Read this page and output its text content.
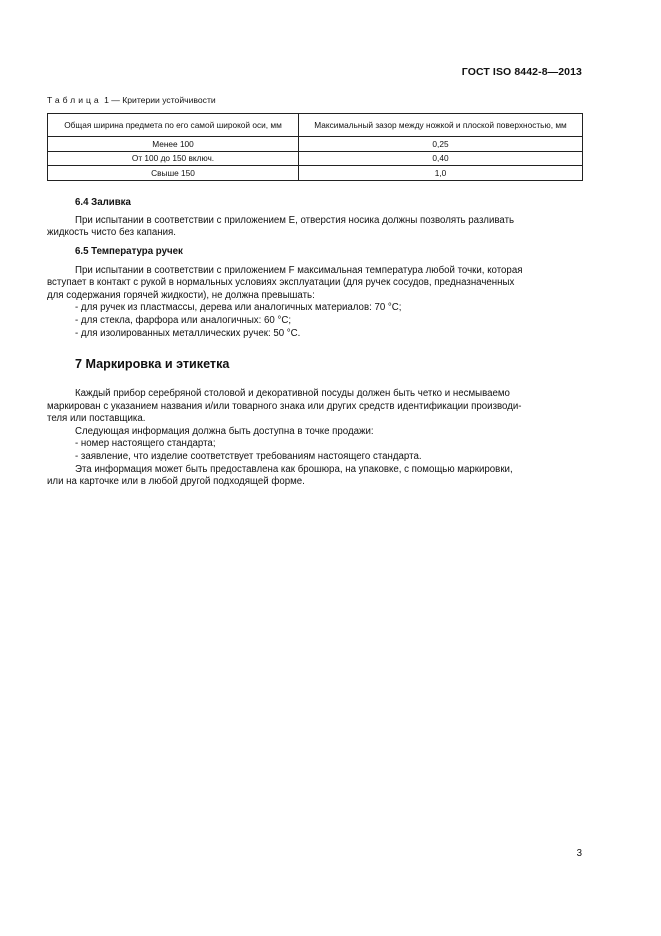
ГОСТ ISO 8442-8—2013
Таблица 1 — Критерии устойчивости
Общая ширина предмета по его самой широкой оси, мм	Максимальный зазор между ножкой и плоской поверхностью, мм
Менее 100	0,25
От 100 до 150 включ.	0,40
Свыше 150	1,0
6.4 Заливка

При испытании в соответствии с приложением Е, отверстия носика должны позволять разливать

жидкость чисто без капания.

6.5 Температура ручек

При испытании в соответствии с приложением F максимальная температура любой точки, которая

вступает в контакт с рукой в нормальных условиях эксплуатации (для ручек сосудов, предназначенных

для содержания горячей жидкости), не должна превышать:

- для ручек из пластмассы, дерева или аналогичных материалов: 70 °C;
- для стекла, фарфора или аналогичных: 60 °C;
- для изолированных металлических ручек: 50 °C.
7 Маркировка и этикетка

Каждый прибор серебряной столовой и декоративной посуды должен быть четко и несмываемо

маркирован с указанием названия и/или товарного знака или других средств идентификации производи-

теля или поставщика.

Следующая информация должна быть доступна в точке продажи:

- номер настоящего стандарта;
- заявление, что изделие соответствует требованиям настоящего стандарта.

Эта информация может быть предоставлена как брошюра, на упаковке, с помощью маркировки,

или на карточке или в любой другой подходящей форме.

3
